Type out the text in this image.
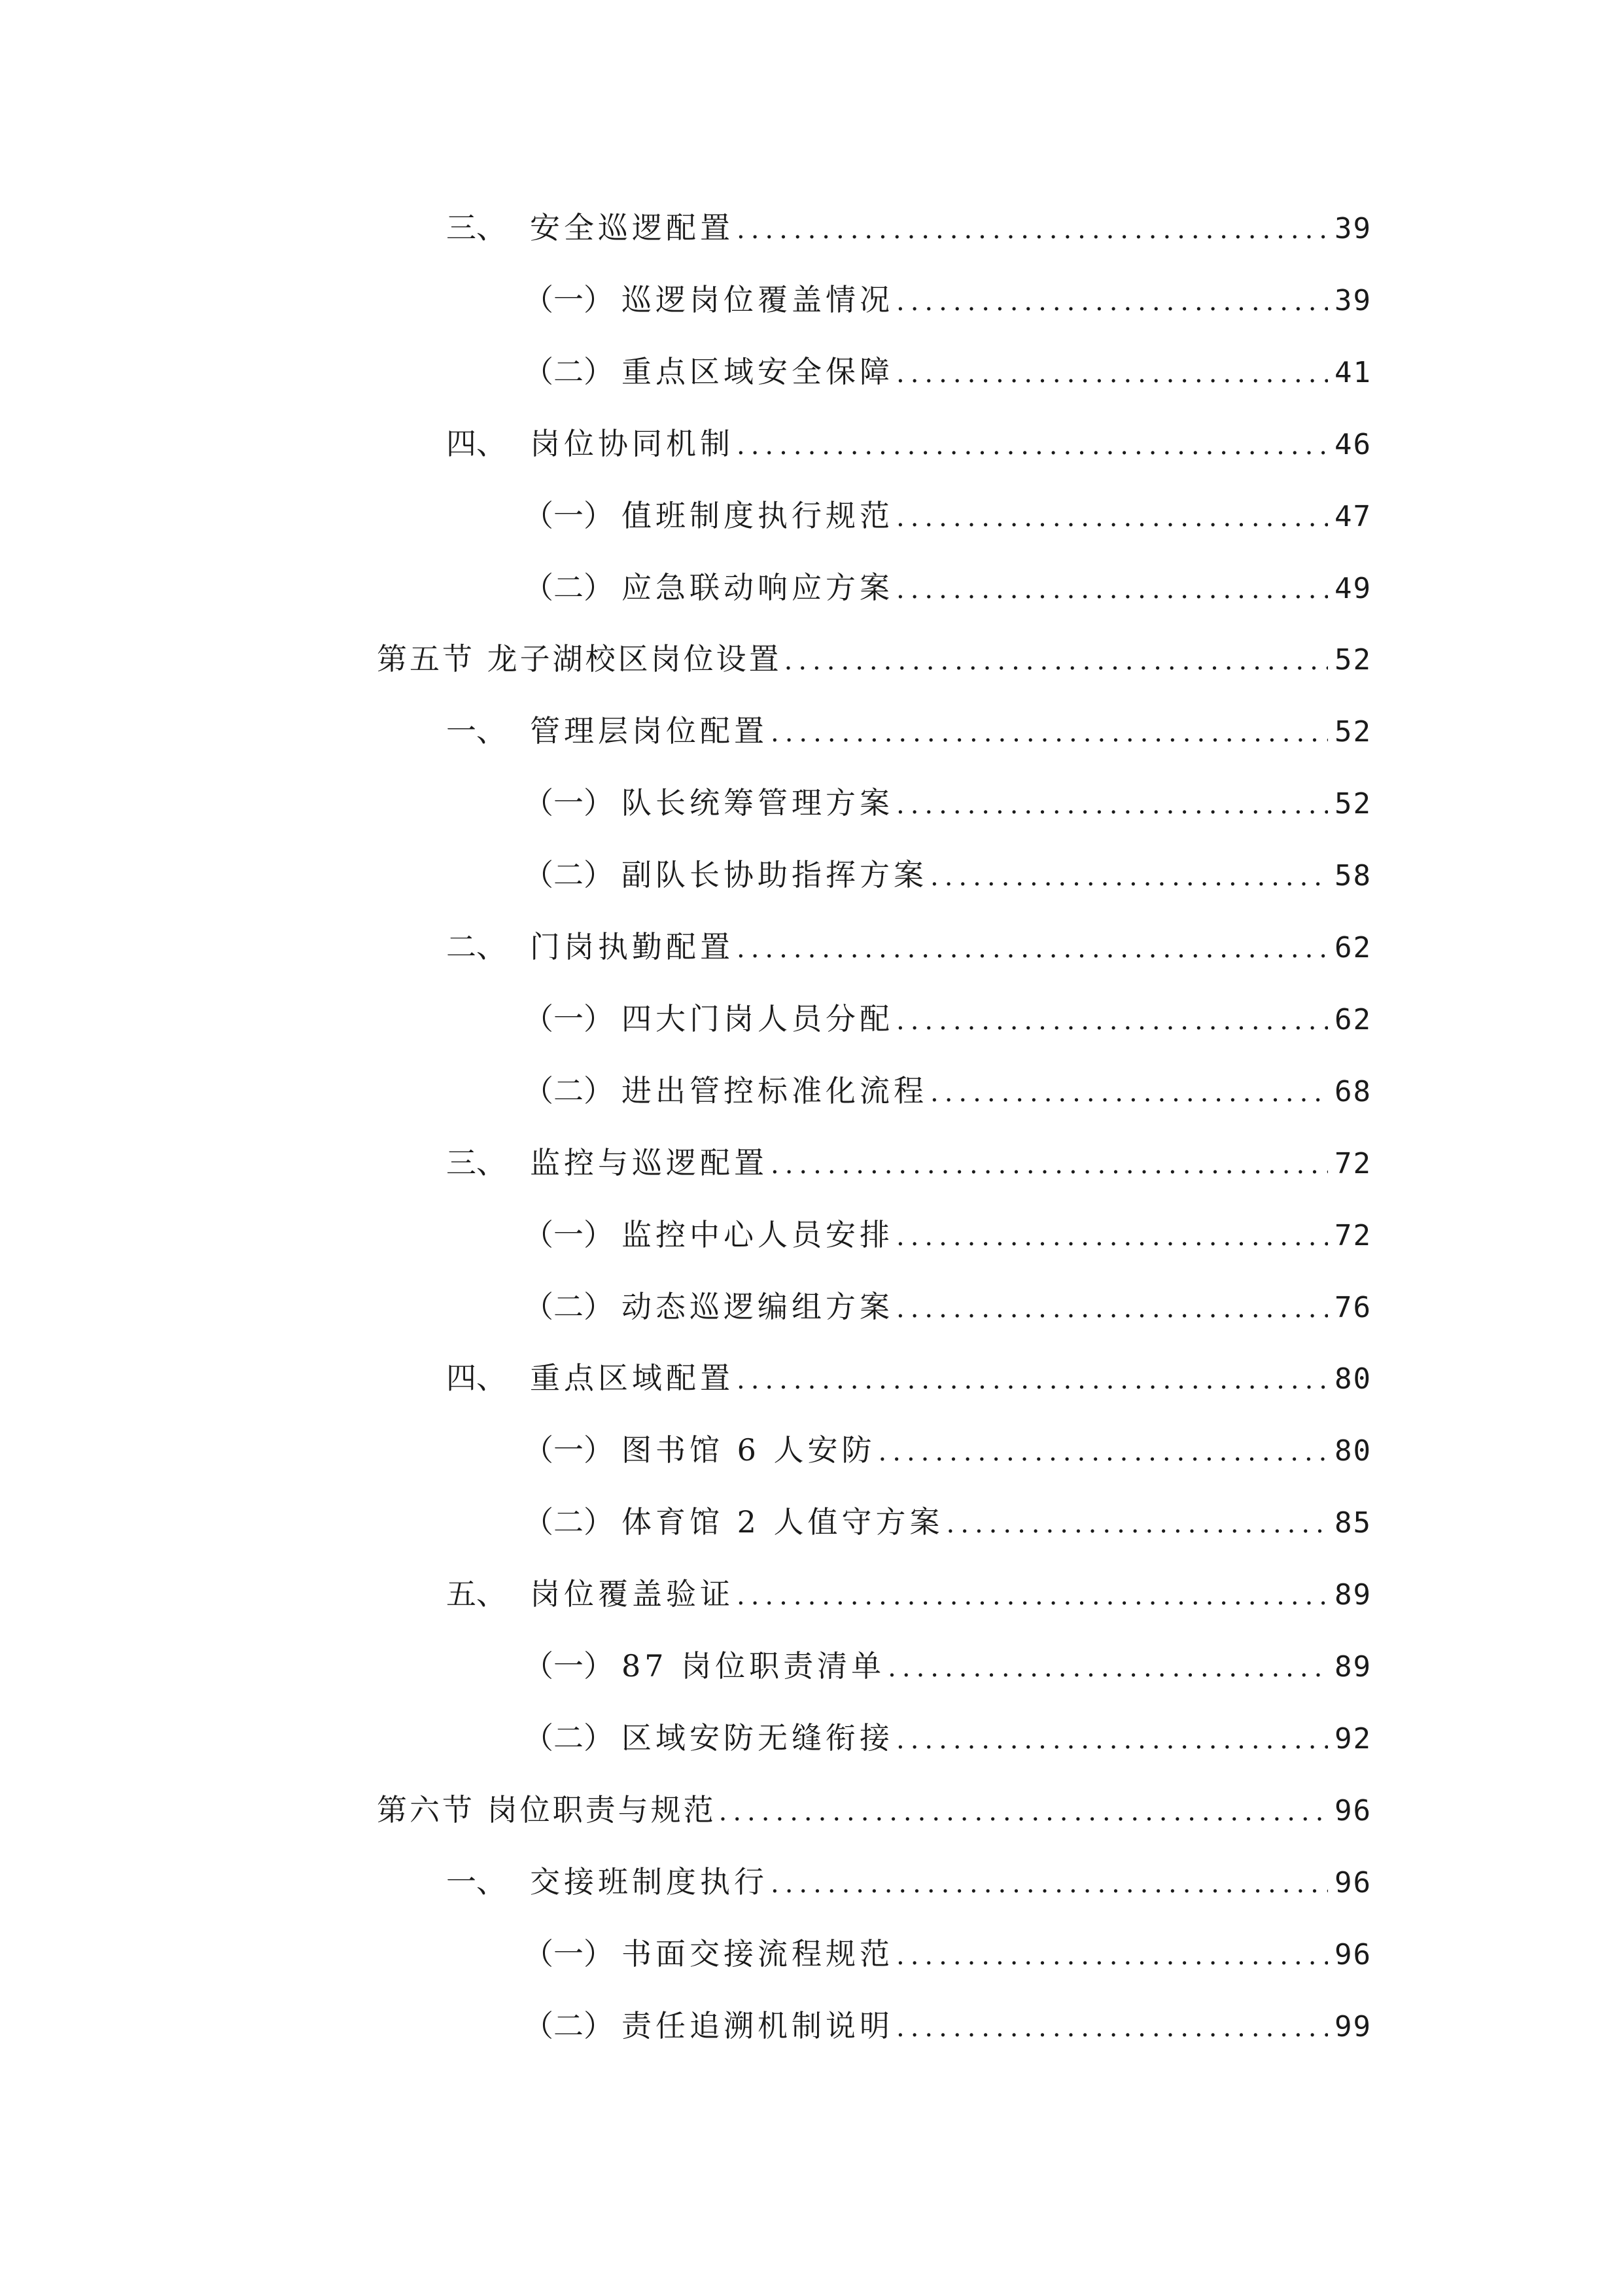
三、 安全巡逻配置 .....	39
（一） 巡逻岗位覆盖情况 .....	39
（二） 重点区域安全保障 .....	41
四、 岗位协同机制 .....	46
（一） 值班制度执行规范 .....	47
（二） 应急联动响应方案 .....	49
第五节 龙子湖校区岗位设置 .....	52
一、 管理层岗位配置 .....	52
（一） 队长统筹管理方案 .....	52
（二） 副队长协助指挥方案 .....	58
二、 门岗执勤配置 .....	62
（一） 四大门岗人员分配 .....	62
（二） 进出管控标准化流程 .....	68
三、 监控与巡逻配置 .....	72
（一） 监控中心人员安排 .....	72
（二） 动态巡逻编组方案 .....	76
四、 重点区域配置 .....	80
（一） 图书馆 6 人安防 .....	80
（二） 体育馆 2 人值守方案 .....	85
五、 岗位覆盖验证 .....	89
（一） 87 岗位职责清单 .....	89
（二） 区域安防无缝衔接 .....	92
第六节 岗位职责与规范 .....	96
一、 交接班制度执行 .....	96
（一） 书面交接流程规范 .....	96
（二） 责任追溯机制说明 .....	99
